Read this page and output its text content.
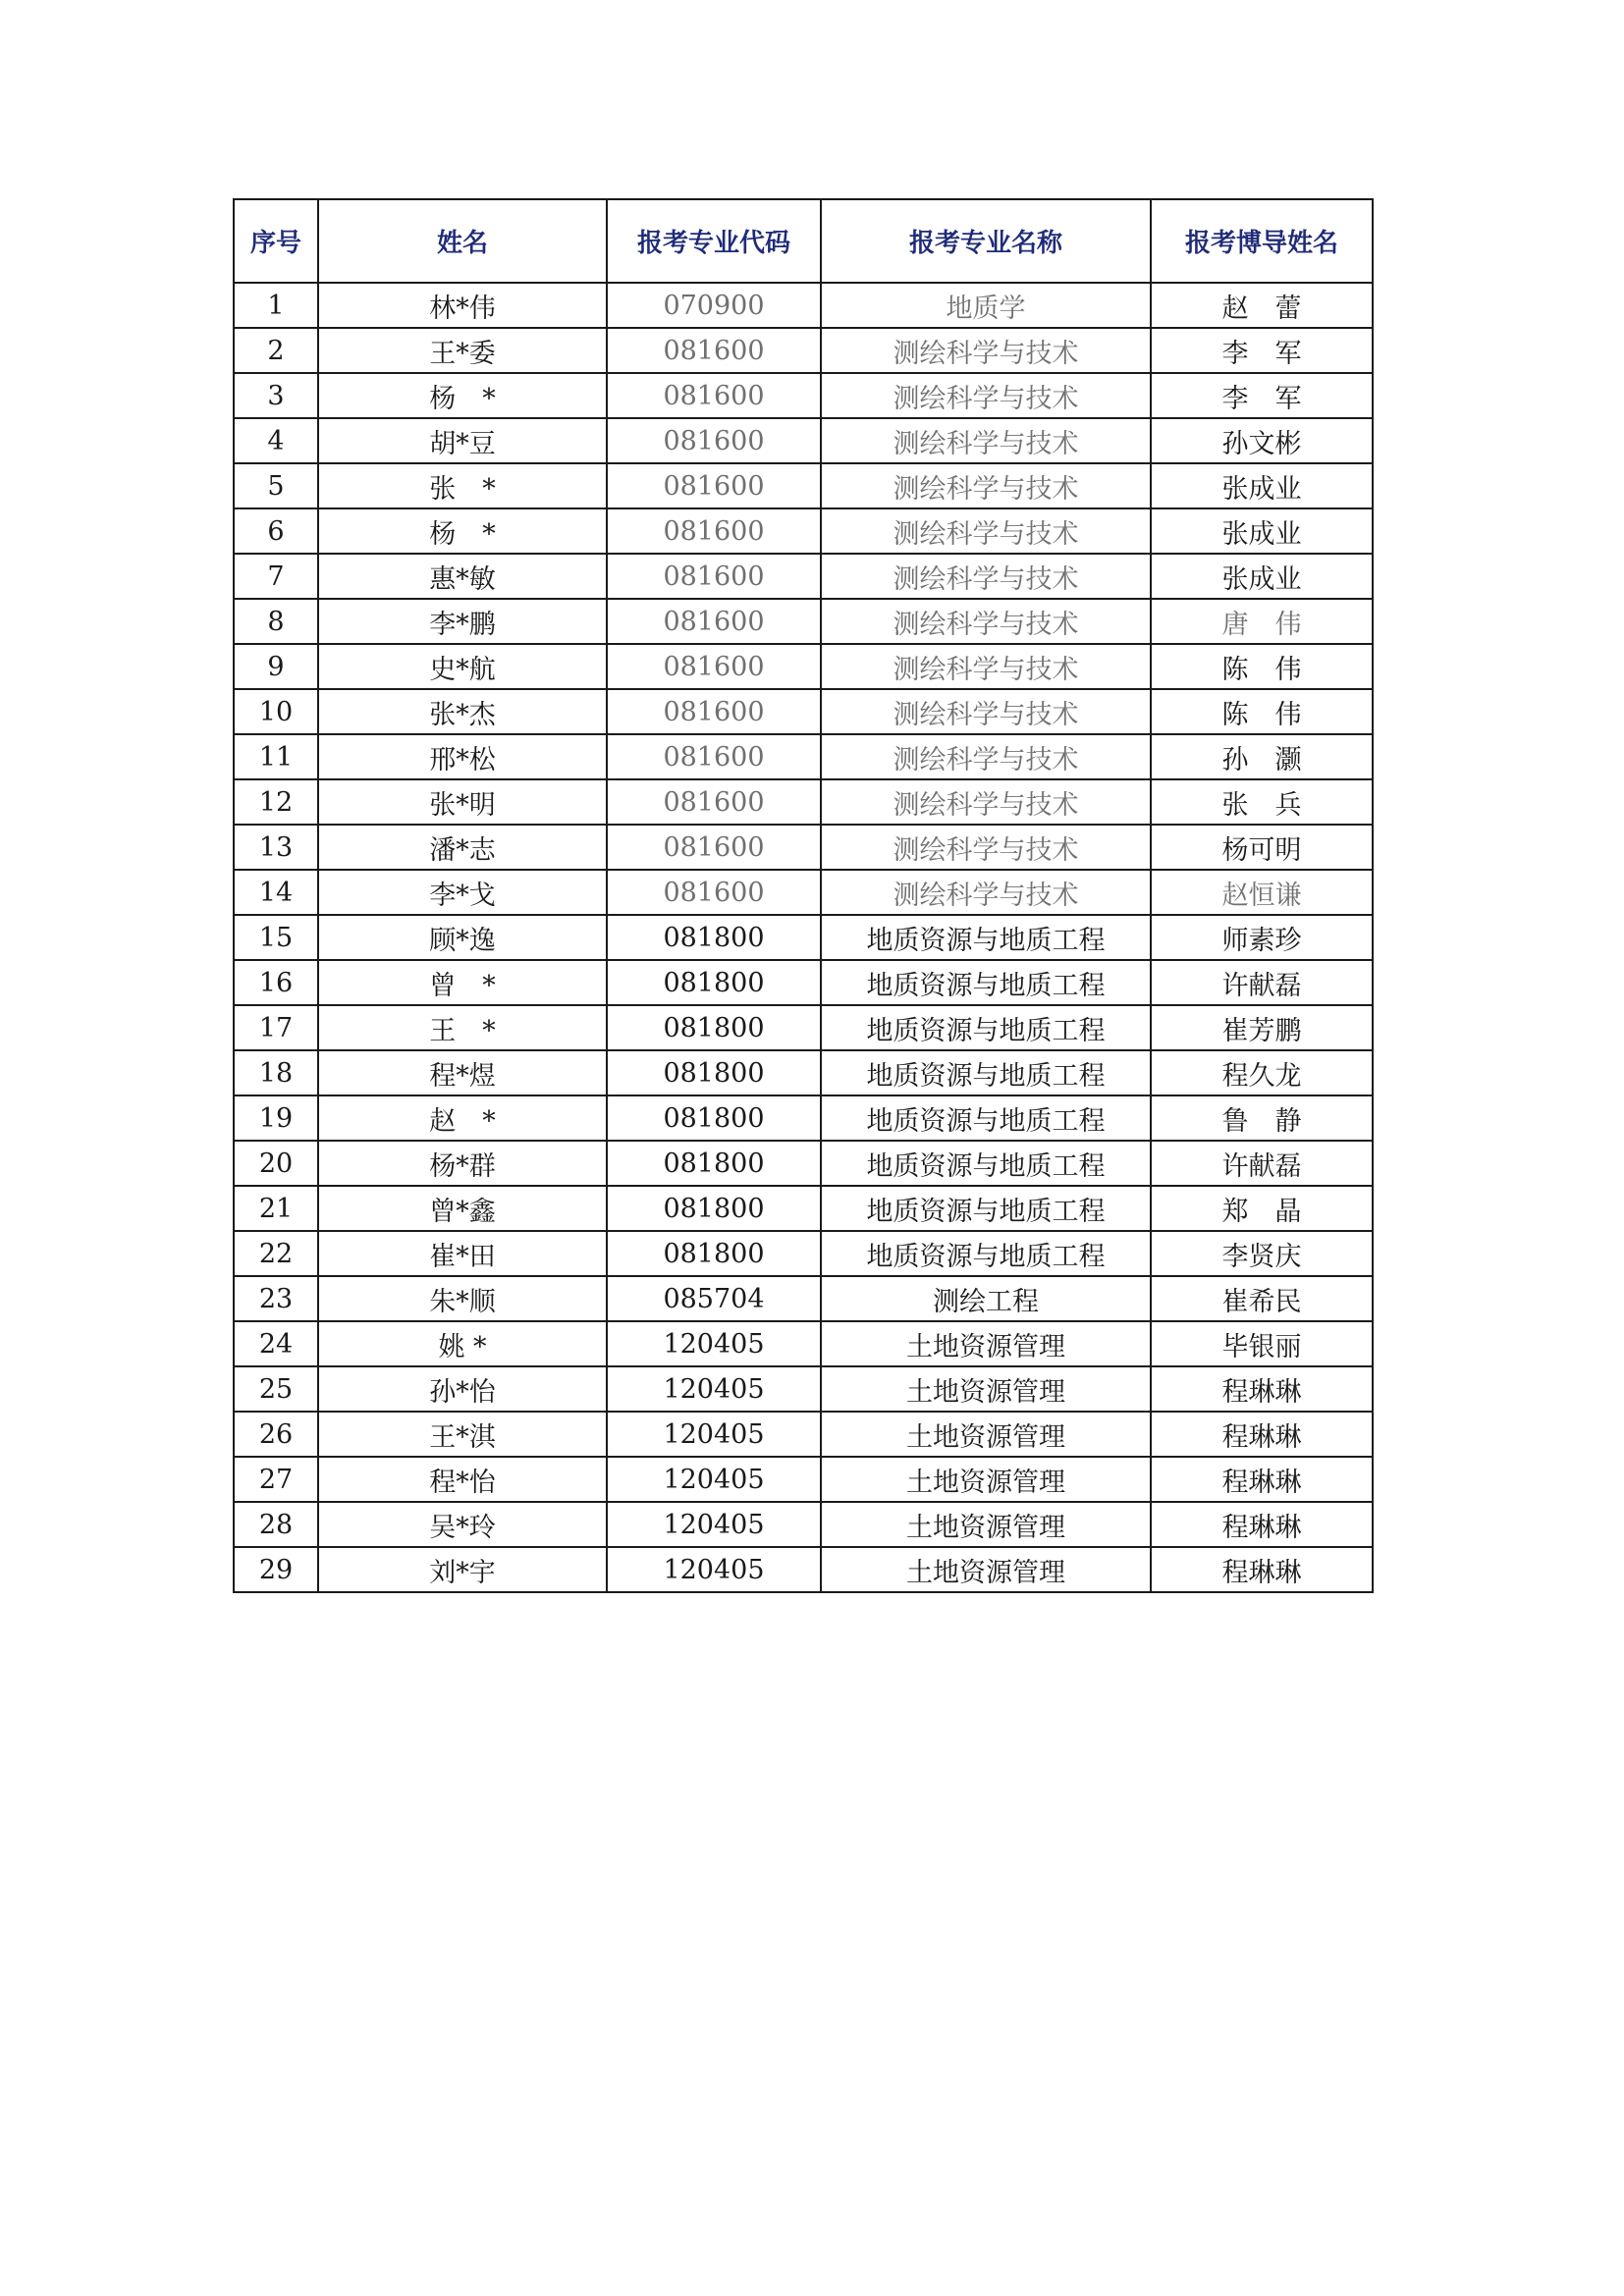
序号	姓名	报考专业代码	报考专业名称	报考博导姓名
1	林*伟	070900	地质学	赵　蕾
2	王*委	081600	测绘科学与技术	李　军
3	杨　*	081600	测绘科学与技术	李　军
4	胡*豆	081600	测绘科学与技术	孙文彬
5	张　*	081600	测绘科学与技术	张成业
6	杨　*	081600	测绘科学与技术	张成业
7	惠*敏	081600	测绘科学与技术	张成业
8	李*鹏	081600	测绘科学与技术	唐　伟
9	史*航	081600	测绘科学与技术	陈　伟
10	张*杰	081600	测绘科学与技术	陈　伟
11	邢*松	081600	测绘科学与技术	孙　灏
12	张*明	081600	测绘科学与技术	张　兵
13	潘*志	081600	测绘科学与技术	杨可明
14	李*戈	081600	测绘科学与技术	赵恒谦
15	顾*逸	081800	地质资源与地质工程	师素珍
16	曾　*	081800	地质资源与地质工程	许献磊
17	王　*	081800	地质资源与地质工程	崔芳鹏
18	程*煜	081800	地质资源与地质工程	程久龙
19	赵　*	081800	地质资源与地质工程	鲁　静
20	杨*群	081800	地质资源与地质工程	许献磊
21	曾*鑫	081800	地质资源与地质工程	郑　晶
22	崔*田	081800	地质资源与地质工程	李贤庆
23	朱*顺	085704	测绘工程	崔希民
24	姚 *	120405	土地资源管理	毕银丽
25	孙*怡	120405	土地资源管理	程琳琳
26	王*淇	120405	土地资源管理	程琳琳
27	程*怡	120405	土地资源管理	程琳琳
28	吴*玲	120405	土地资源管理	程琳琳
29	刘*宇	120405	土地资源管理	程琳琳
